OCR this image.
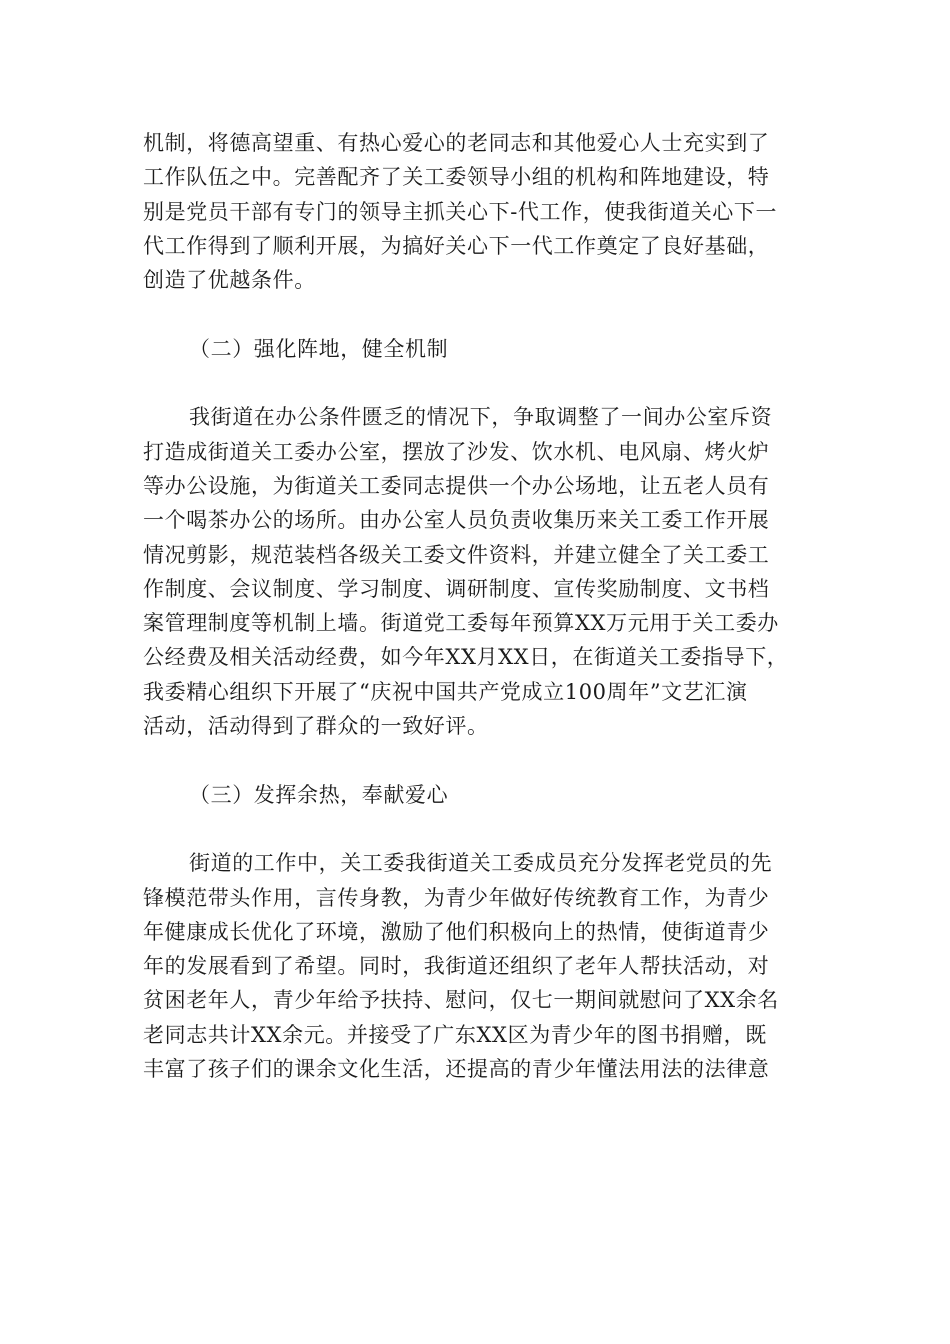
机制，将德高望重、有热心爱心的老同志和其他爱心人士充实到了
工作队伍之中。完善配齐了关工委领导小组的机构和阵地建设，特
别是党员干部有专门的领导主抓关心下-代工作，使我街道关心下一
代工作得到了顺利开展，为搞好关心下一代工作奠定了良好基础，
创造了优越条件。

（二）强化阵地，健全机制

我街道在办公条件匮乏的情况下，争取调整了一间办公室斥资
打造成街道关工委办公室，摆放了沙发、饮水机、电风扇、烤火炉
等办公设施，为街道关工委同志提供一个办公场地，让五老人员有
一个喝茶办公的场所。由办公室人员负责收集历来关工委工作开展
情况剪影，规范装档各级关工委文件资料，并建立健全了关工委工
作制度、会议制度、学习制度、调研制度、宣传奖励制度、文书档
案管理制度等机制上墙。街道党工委每年预算XX万元用于关工委办
公经费及相关活动经费，如今年XX月XX日，在街道关工委指导下，
我委精心组织下开展了“庆祝中国共产党成立100周年”文艺汇演
活动，活动得到了群众的一致好评。

（三）发挥余热，奉献爱心

街道的工作中，关工委我街道关工委成员充分发挥老党员的先
锋模范带头作用，言传身教，为青少年做好传统教育工作，为青少
年健康成长优化了环境，激励了他们积极向上的热情，使街道青少
年的发展看到了希望。同时，我街道还组织了老年人帮扶活动，对
贫困老年人，青少年给予扶持、慰问，仅七一期间就慰问了XX余名
老同志共计XX余元。并接受了广东XX区为青少年的图书捐赠，既
丰富了孩子们的课余文化生活，还提高的青少年懂法用法的法律意
